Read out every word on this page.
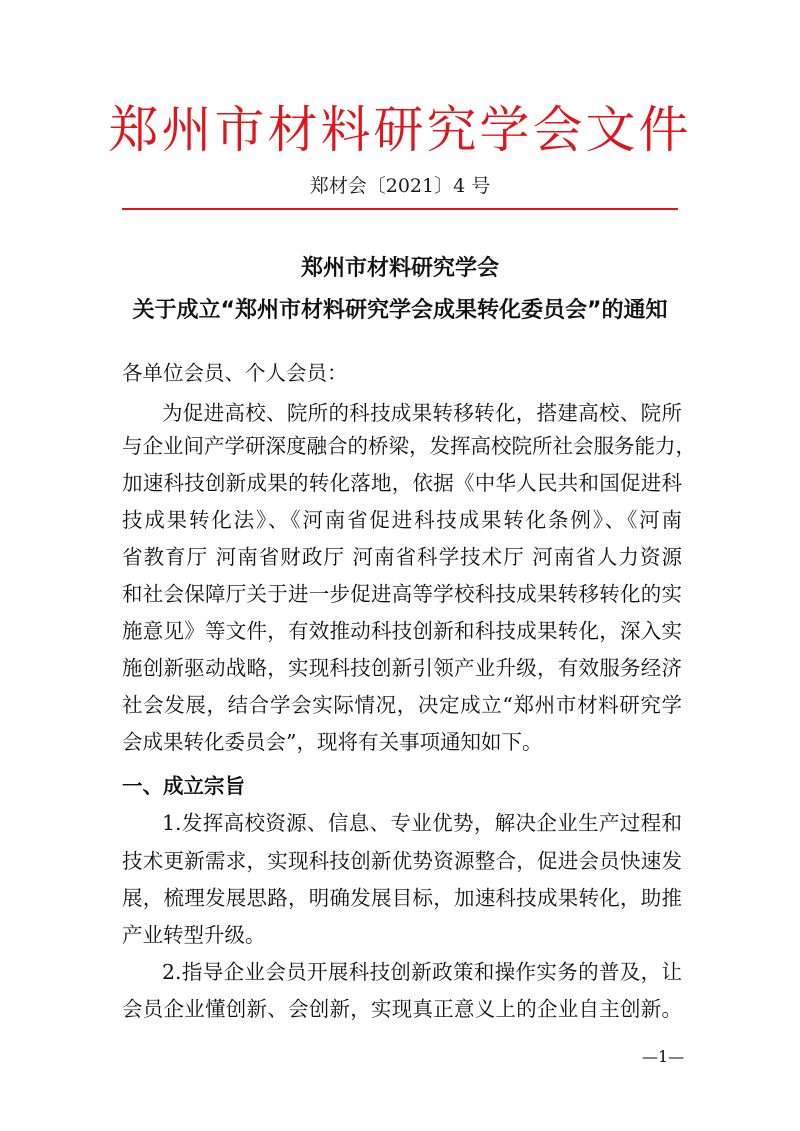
郑州市材料研究学会文件
郑材会〔2021〕4 号
郑州市材料研究学会
关于成立“郑州市材料研究学会成果转化委员会”的通知
各单位会员、个人会员：
为促进高校、院所的科技成果转移转化，搭建高校、院所
与企业间产学研深度融合的桥梁，发挥高校院所社会服务能力，
加速科技创新成果的转化落地，依据《中华人民共和国促进科
技成果转化法》、《河南省促进科技成果转化条例》、《河南
省教育厅 河南省财政厅 河南省科学技术厅 河南省人力资源
和社会保障厅关于进一步促进高等学校科技成果转移转化的实
施意见》等文件，有效推动科技创新和科技成果转化，深入实
施创新驱动战略，实现科技创新引领产业升级，有效服务经济
社会发展，结合学会实际情况，决定成立“郑州市材料研究学
会成果转化委员会”，现将有关事项通知如下。
一、成立宗旨
1.发挥高校资源、信息、专业优势，解决企业生产过程和
技术更新需求，实现科技创新优势资源整合，促进会员快速发
展，梳理发展思路，明确发展目标，加速科技成果转化，助推
产业转型升级。
2.指导企业会员开展科技创新政策和操作实务的普及，让
会员企业懂创新、会创新，实现真正意义上的企业自主创新。
—1—
